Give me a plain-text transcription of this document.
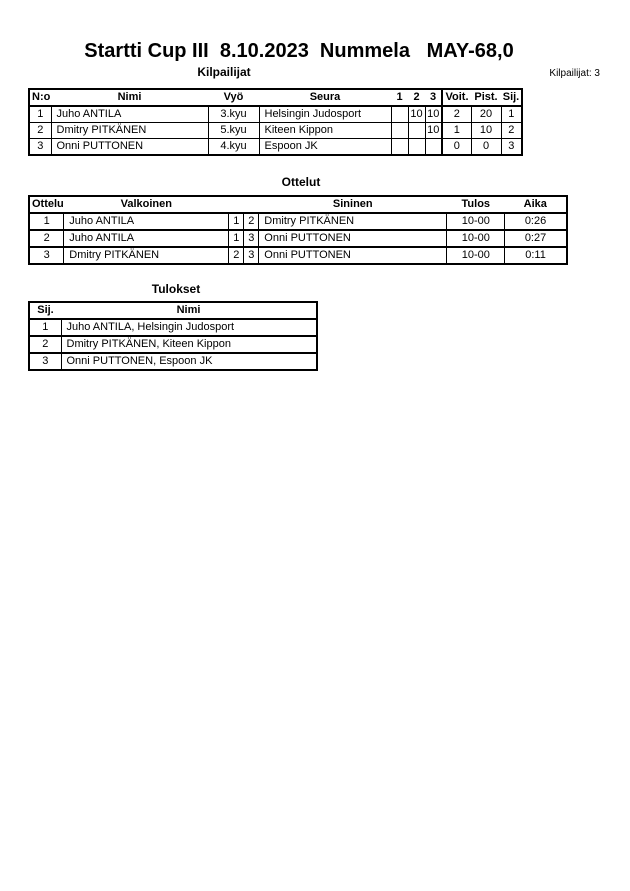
Startti Cup III  8.10.2023  Nummela   MAY-68,0
Kilpailijat	Kilpailijat: 3
N:o	Nimi	Vyö	Seura	1	2	3	Voit.	Pist.	Sij.
1	Juho ANTILA	3.kyu	Helsingin Judosport		10	10	2	20	1
2	Dmitry PITKÄNEN	5.kyu	Kiteen Kippon			10	1	10	2
3	Onni PUTTONEN	4.kyu	Espoon JK				0	0	3
Ottelut
Ottelu	Valkoinen			Sininen	Tulos	Aika
1	Juho ANTILA	1	2	Dmitry PITKÄNEN	10-00	0:26
2	Juho ANTILA	1	3	Onni PUTTONEN	10-00	0:27
3	Dmitry PITKÄNEN	2	3	Onni PUTTONEN	10-00	0:11
Tulokset
Sij.	Nimi
1	Juho ANTILA, Helsingin Judosport
2	Dmitry PITKÄNEN, Kiteen Kippon
3	Onni PUTTONEN, Espoon JK
